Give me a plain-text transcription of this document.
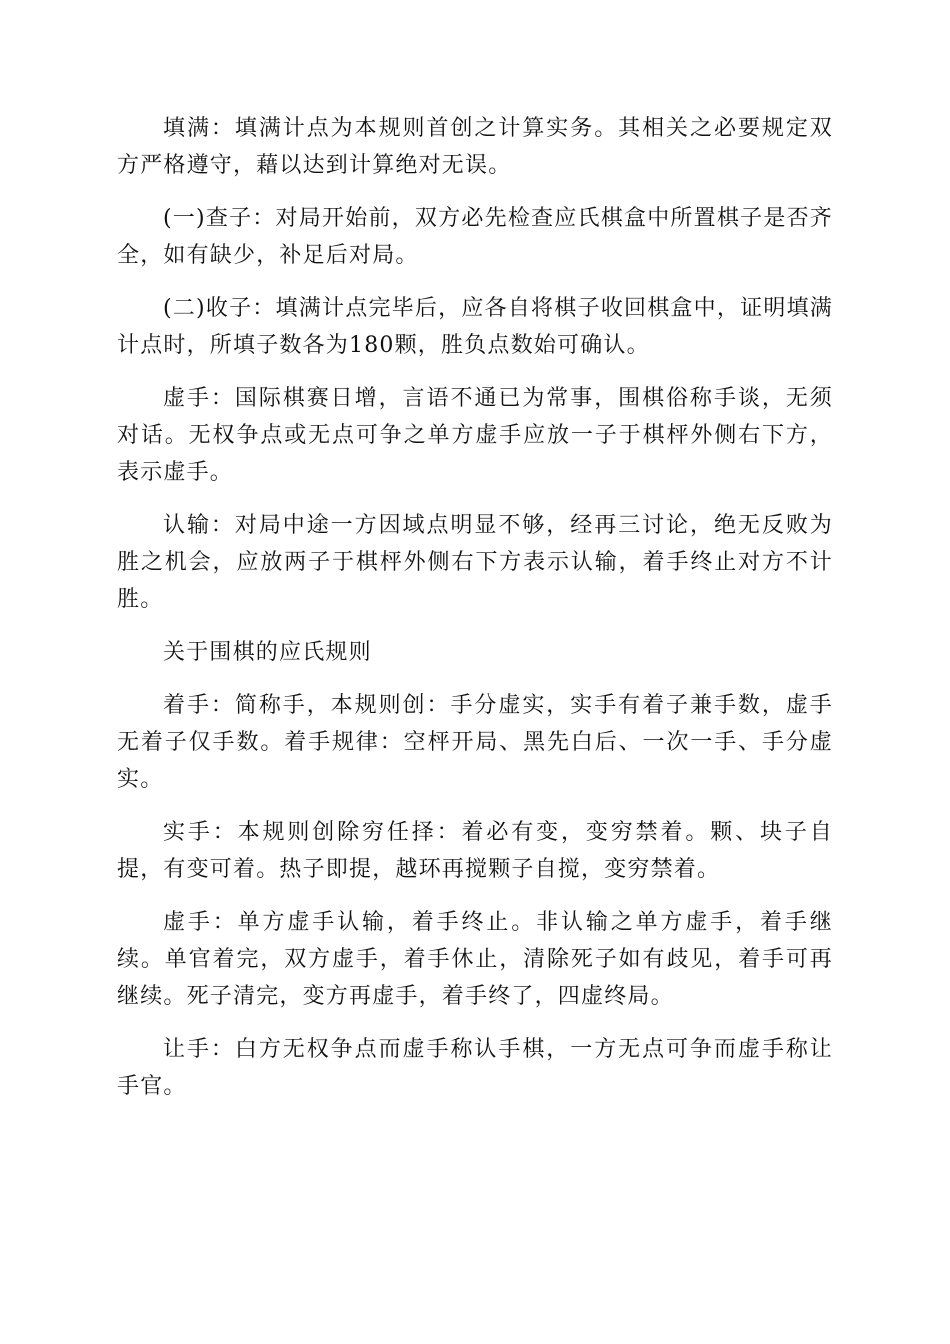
填满：填满计点为本规则首创之计算实务。其相关之必要规定双方严格遵守，藉以达到计算绝对无误。

(一)查子：对局开始前，双方必先检查应氏棋盒中所置棋子是否齐全，如有缺少，补足后对局。

(二)收子：填满计点完毕后，应各自将棋子收回棋盒中，证明填满计点时，所填子数各为180颗，胜负点数始可确认。

虚手：国际棋赛日增，言语不通已为常事，围棋俗称手谈，无须对话。无权争点或无点可争之单方虚手应放一子于棋枰外侧右下方，表示虚手。

认输：对局中途一方因域点明显不够，经再三讨论，绝无反败为胜之机会，应放两子于棋枰外侧右下方表示认输，着手终止对方不计胜。

关于围棋的应氏规则

着手：简称手，本规则创：手分虚实，实手有着子兼手数，虚手无着子仅手数。着手规律：空枰开局、黑先白后、一次一手、手分虚实。

实手：本规则创除穷任择：着必有变，变穷禁着。颗、块子自提，有变可着。热子即提，越环再搅颗子自搅，变穷禁着。

虚手：单方虚手认输，着手终止。非认输之单方虚手，着手继续。单官着完，双方虚手，着手休止，清除死子如有歧见，着手可再继续。死子清完，变方再虚手，着手终了，四虚终局。

让手：白方无权争点而虚手称认手棋，一方无点可争而虚手称让手官。
